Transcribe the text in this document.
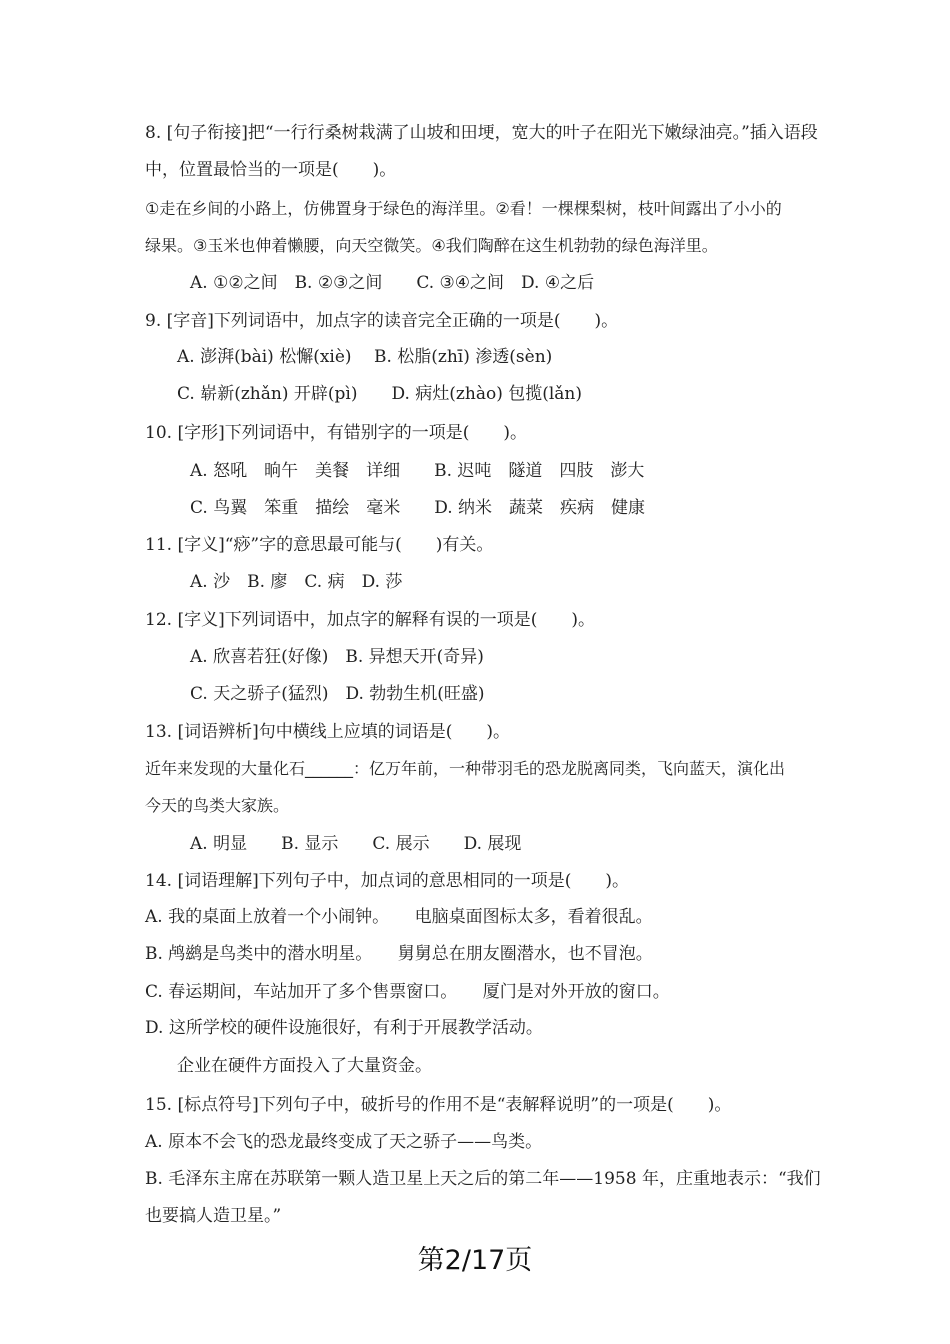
8. [句子衔接]把“一行行桑树栽满了山坡和田埂，宽大的叶子在阳光下嫩绿油亮。”插入语段
中，位置最恰当的一项是(　　)。
①走在乡间的小路上，仿佛置身于绿色的海洋里。②看！一棵棵梨树，枝叶间露出了小小的
绿果。③玉米也伸着懒腰，向天空微笑。④我们陶醉在这生机勃勃的绿色海洋里。
A. ①②之间　B. ②③之间　　C. ③④之间　D. ④之后
9. [字音]下列词语中，加点字的读音完全正确的一项是(　　)。
A. 澎湃(bài) 松懈(xiè)　 B. 松脂(zhī) 渗透(sèn)
C. 崭新(zhǎn) 开辟(pì)　　D. 病灶(zhào) 包揽(lǎn)
10. [字形]下列词语中，有错别字的一项是(　　)。
A. 怒吼　晌午　美餐　详细　　B. 迟吨　隧道　四肢　澎大
C. 鸟翼　笨重　描绘　毫米　　D. 纳米　蔬菜　疾病　健康
11. [字义]“痧”字的意思最可能与(　　)有关。
A. 沙　B. 廖　C. 病　D. 莎
12. [字义]下列词语中，加点字的解释有误的一项是(　　)。
A. 欣喜若狂(好像)　B. 异想天开(奇异)
C. 天之骄子(猛烈)　D. 勃勃生机(旺盛)
13. [词语辨析]句中横线上应填的词语是(　　)。
近年来发现的大量化石______：亿万年前，一种带羽毛的恐龙脱离同类，飞向蓝天，演化出
今天的鸟类大家族。
A. 明显　　B. 显示　　C. 展示　　D. 展现
14. [词语理解]下列句子中，加点词的意思相同的一项是(　　)。
A. 我的桌面上放着一个小闹钟。　　电脑桌面图标太多，看着很乱。
B. 鸬鹚是鸟类中的潜水明星。　　舅舅总在朋友圈潜水，也不冒泡。
C. 春运期间，车站加开了多个售票窗口。　　厦门是对外开放的窗口。
D. 这所学校的硬件设施很好，有利于开展教学活动。
企业在硬件方面投入了大量资金。
15. [标点符号]下列句子中，破折号的作用不是“表解释说明”的一项是(　　)。
A. 原本不会飞的恐龙最终变成了天之骄子——鸟类。
B. 毛泽东主席在苏联第一颗人造卫星上天之后的第二年——1958 年，庄重地表示：“我们
也要搞人造卫星。”
第2/17页
